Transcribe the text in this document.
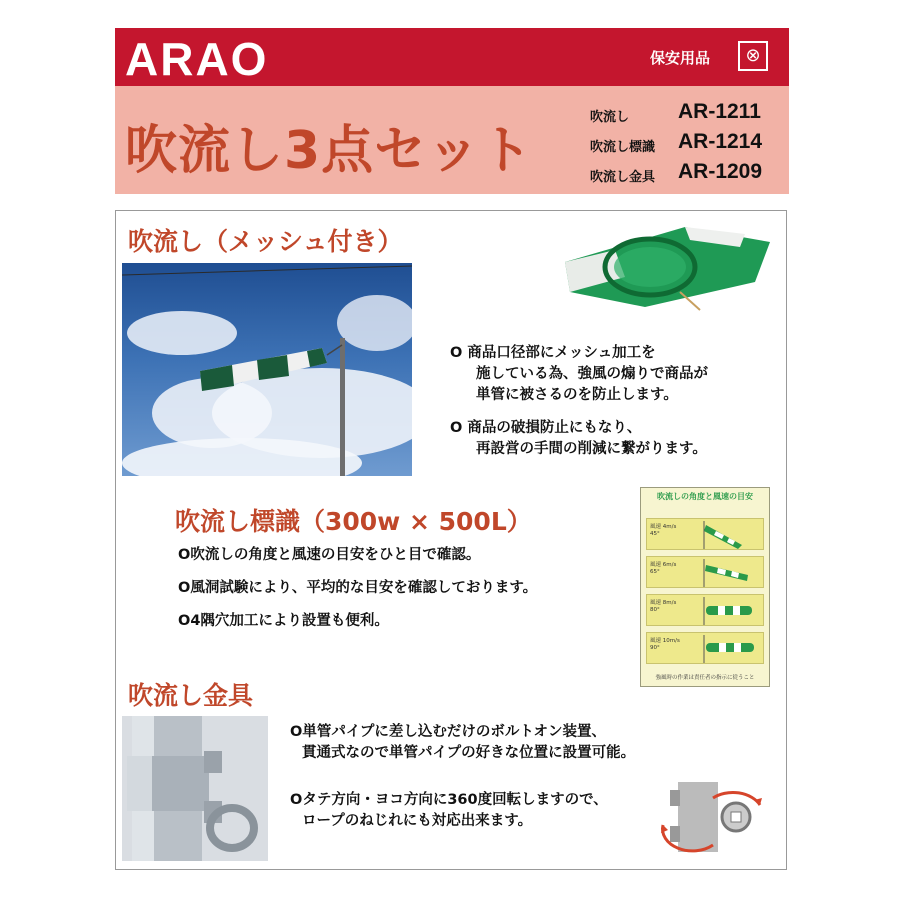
ARAO	保安用品	⊗
吹流し3点セット
吹流し AR-1211
吹流し標識 AR-1214
吹流し金具 AR-1209
吹流し（メッシュ付き）
O 商品口径部にメッシュ加工を
施している為、強風の煽りで商品が
単管に被さるのを防止します。
O 商品の破損防止にもなり、
再設営の手間の削減に繋がります。
吹流し標識（300w × 500L）
O吹流しの角度と風速の目安をひと目で確認。
O風洞試験により、平均的な目安を確認しております。
O4隅穴加工により設置も便利。
吹流しの角度と風速の目安
風速 4m/s
45°
風速 6m/s
65°
風速 8m/s
80°
風速 10m/s
90°
強風時の作業は責任者の指示に従うこと
吹流し金具
O単管パイプに差し込むだけのボルトオン装置、
貫通式なので単管パイプの好きな位置に設置可能。
Oタテ方向・ヨコ方向に360度回転しますので、
ロープのねじれにも対応出来ます。
